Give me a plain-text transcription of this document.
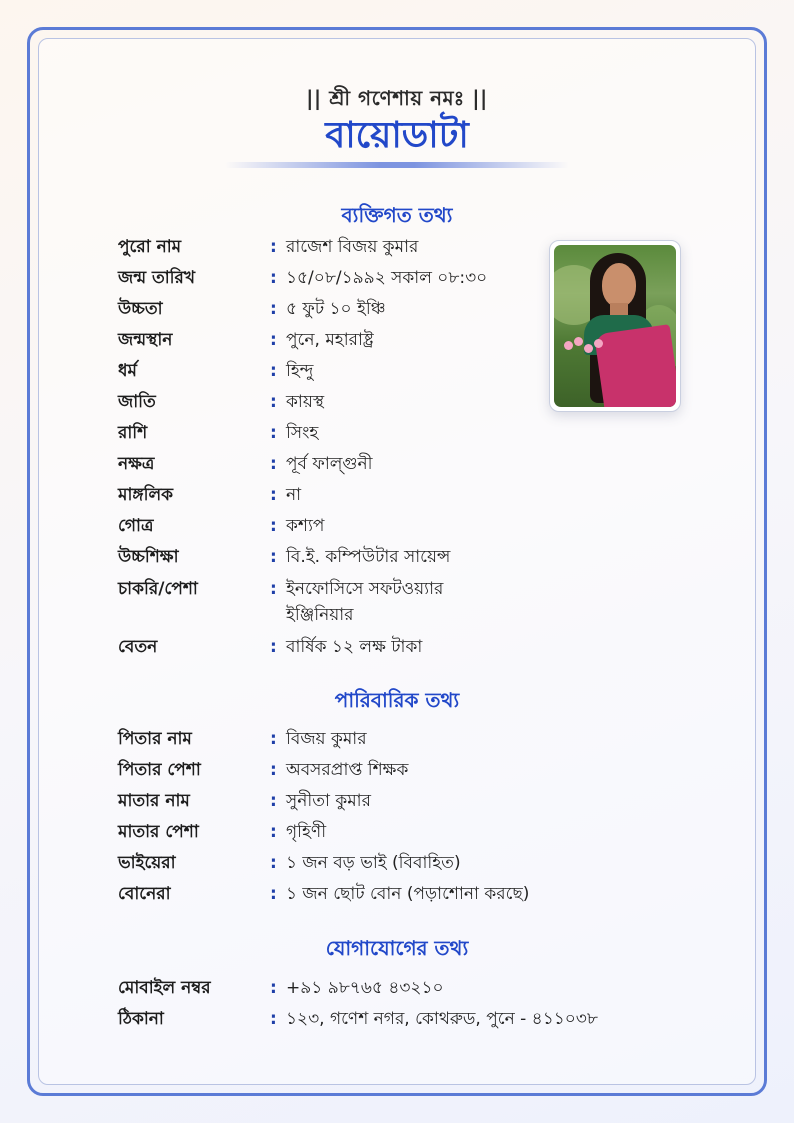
|| শ্রী গণেশায় নমঃ ||
বায়োডাটা
ব্যক্তিগত তথ্য
পুরো নাম	: রাজেশ বিজয় কুমার
জন্ম তারিখ	: ১৫/০৮/১৯৯২ সকাল ০৮:৩০
উচ্চতা	: ৫ ফুট ১০ ইঞ্চি
জন্মস্থান	: পুনে, মহারাষ্ট্র
ধর্ম	: হিন্দু
জাতি	: কায়স্থ
রাশি	: সিংহ
নক্ষত্র	: পূর্ব ফাল্গুনী
মাঙ্গলিক	: না
গোত্র	: কশ্যপ
উচ্চশিক্ষা	: বি.ই. কম্পিউটার সায়েন্স
চাকরি/পেশা	: ইনফোসিসে সফটওয়্যার ইঞ্জিনিয়ার
বেতন	: বার্ষিক ১২ লক্ষ টাকা
পারিবারিক তথ্য
পিতার নাম	: বিজয় কুমার
পিতার পেশা	: অবসরপ্রাপ্ত শিক্ষক
মাতার নাম	: সুনীতা কুমার
মাতার পেশা	: গৃহিণী
ভাইয়েরা	: ১ জন বড় ভাই (বিবাহিত)
বোনেরা	: ১ জন ছোট বোন (পড়াশোনা করছে)
যোগাযোগের তথ্য
মোবাইল নম্বর	: +৯১ ৯৮৭৬৫ ৪৩২১০
ঠিকানা	: ১২৩, গণেশ নগর, কোথরুড, পুনে - ৪১১০৩৮
